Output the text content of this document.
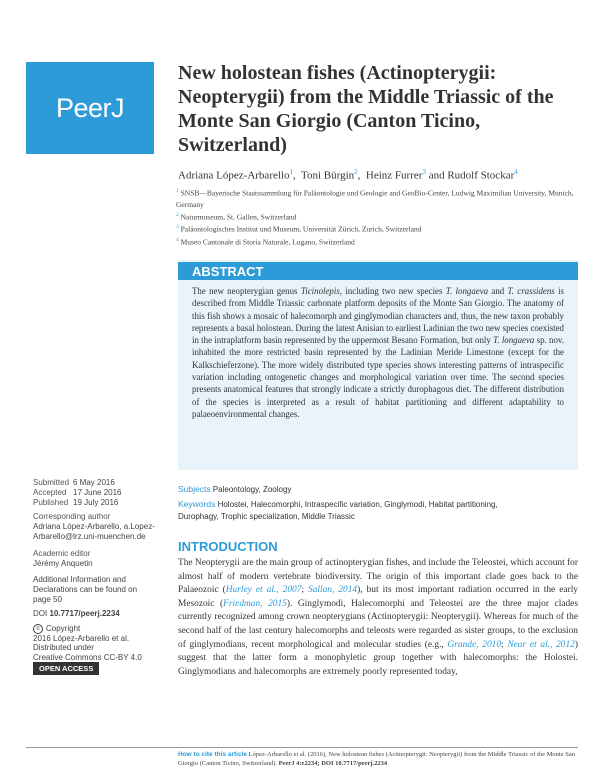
PeerJ
New holostean fishes (Actinopterygii: Neopterygii) from the Middle Triassic of the Monte San Giorgio (Canton Ticino, Switzerland)
Adriana López-Arbarello$^1$, Toni Bürgin$^2$, Heinz Furrer$^3$ and Rudolf Stockar$^4$

$^1$ SNSB—Bayerische Staatssammlung für Paläontologie und Geologie and GeoBio-Center, Ludwig Maximilian University, Munich, Germany

$^2$ Naturmuseum, St. Gallen, Switzerland

$^3$ Paläontologisches Institut und Museum, Universität Zürich, Zurich, Switzerland

$^4$ Museo Cantonale di Storia Naturale, Lugano, Switzerland

ABSTRACT
The new neopterygian genus Ticinolepis, including two new species T. longaeva and T. crassidens is described from Middle Triassic carbonate platform deposits of the Monte San Giorgio. The anatomy of this fish shows a mosaic of halecomorph and ginglymodian characters and, thus, the new taxon probably represents a basal holostean. During the latest Anisian to earliest Ladinian the two new species coexisted in the intraplatform basin represented by the uppermost Besano Formation, but only T. longaeva sp. nov. inhabited the more restricted basin represented by the Ladinian Meride Limestone (except for the Kalkschieferzone). The more widely distributed type species shows interesting patterns of intraspecific variation including ontogenetic changes and morphological variation over time. The second species presents anatomical features that strongly indicate a strictly durophagous diet. The different distribution of the species is interpreted as a result of habitat partitioning and different adaptability to palaeoenvironmental changes.
Submitted 6 May 2016
Accepted 17 June 2016
Published 19 July 2016
Corresponding author
Adriana López-Arbarello, a.Lopez-
Arbarello@lrz.uni-muenchen.de
Academic editor
Jérémy Anquetin
Additional Information and
Declarations can be found on
page 50
DOI 10.7717/peerj.2234
© Copyright
2016 López-Arbarello et al.
Distributed under
Creative Commons CC-BY 4.0
OPEN ACCESS
Subjects Paleontology, Zoology
Keywords Holostei, Halecomorphi, Intraspecific variation, Ginglymodi, Habitat partitioning,
Durophagy, Trophic specialization, Middle Triassic
INTRODUCTION
The Neopterygii are the main group of actinopterygian fishes, and include the Teleostei, which account for almost half of modern vertebrate biodiversity. The origin of this important clade goes back to the Palaeozoic (Hurley et al., 2007; Sallan, 2014), but its most important radiation occurred in the early Mesozoic (Friedman, 2015). Ginglymodi, Halecomorphi and Teleostei are the three major clades currently recognized among crown neopterygians (Actinopterygii: Neopterygii). Whereas for much of the second half of the last century halecomorphs and teleosts were regarded as sister groups, to the exclusion of ginglymodians, recent morphological and molecular studies (e.g., Grande, 2010; Near et al., 2012) suggest that the latter form a monophyletic group together with halecomorphs: the Holostei. Ginglymodians and halecomorphs are extremely poorly represented today,
How to cite this article López-Arbarello et al. (2016), New holostean fishes (Actinopterygii: Neopterygii) from the Middle Triassic of the Monte San Giorgio (Canton Ticino, Switzerland). PeerJ 4:e2234; DOI 10.7717/peerj.2234
